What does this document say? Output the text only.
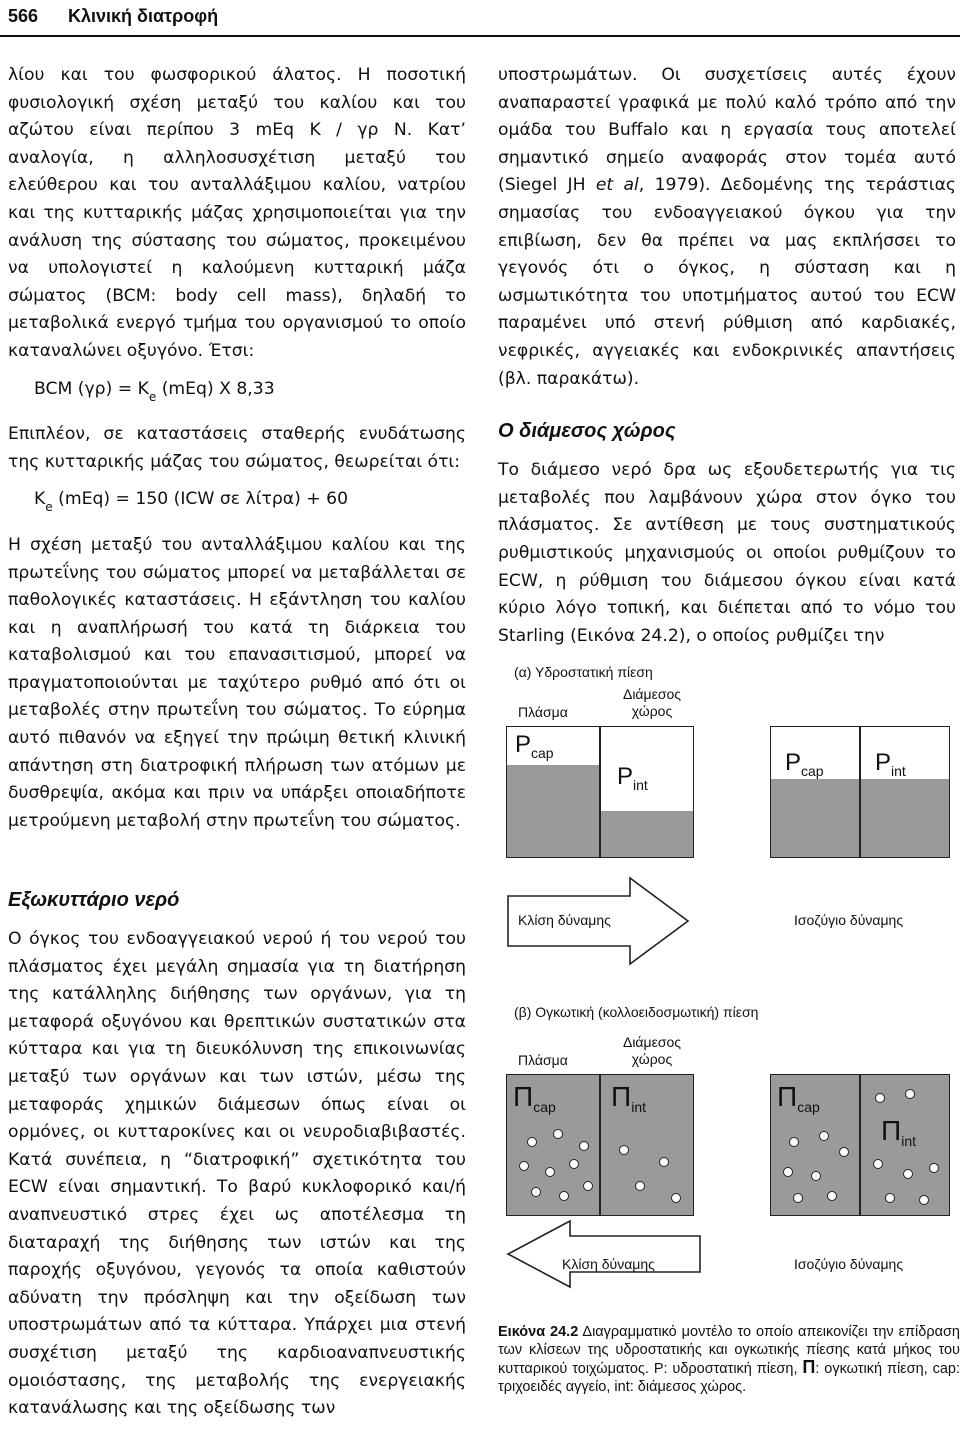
566 Κλινική διατροφή

λίου και του φωσφορικού άλατος. Η ποσοτική φυσιολογική σχέση μεταξύ του καλίου και του αζώτου είναι περίπου 3 mEq K / γρ N. Κατ’ αναλογία, η αλληλοσυσχέτιση μεταξύ του ελεύθερου και του ανταλλάξιμου καλίου, νατρίου και της κυτταρικής μάζας χρησιμοποιείται για την ανάλυση της σύστασης του σώματος, προκειμένου να υπολογιστεί η καλούμενη κυτταρική μάζα σώματος (BCM: body cell mass), δηλαδή το μεταβολικά ενεργό τμήμα του οργανισμού το οποίο καταναλώνει οξυγόνο. Έτσι:

BCM $(\gamma\rho) = K_e$ (mEq) X 8,33

Επιπλέον, σε καταστάσεις σταθερής ενυδάτωσης της κυτταρικής μάζας του σώματος, θεωρείται ότι:

$K_e$ (mEq) = 150 (ICW σε λίτρα) + 60

Η σχέση μεταξύ του ανταλλάξιμου καλίου και της πρωτεΐνης του σώματος μπορεί να μεταβάλλεται σε παθολογικές καταστάσεις. Η εξάντληση του καλίου και η αναπλήρωσή του κατά τη διάρκεια του καταβολισμού και του επανασιτισμού, μπορεί να πραγματοποιούνται με ταχύτερο ρυθμό από ότι οι μεταβολές στην πρωτεΐνη του σώματος. Το εύρημα αυτό πιθανόν να εξηγεί την πρώιμη θετική κλινική απάντηση στη διατροφική πλήρωση των ατόμων με δυσθρεψία, ακόμα και πριν να υπάρξει οποιαδήποτε μετρούμενη μεταβολή στην πρωτεΐνη του σώματος.

Εξωκυττάριο νερό

Ο όγκος του ενδοαγγειακού νερού ή του νερού του πλάσματος έχει μεγάλη σημασία για τη διατήρηση της κατάλληλης διήθησης των οργάνων, για τη μεταφορά οξυγόνου και θρεπτικών συστατικών στα κύτταρα και για τη διευκόλυνση της επικοινωνίας μεταξύ των οργάνων και των ιστών, μέσω της μεταφοράς χημικών διάμεσων όπως είναι οι ορμόνες, οι κυτταροκίνες και οι νευροδιαβιβαστές. Κατά συνέπεια, η “διατροφική” σχετικότητα του ECW είναι σημαντική. Το βαρύ κυκλοφορικό και/ή αναπνευστικό στρες έχει ως αποτέλεσμα τη διαταραχή της διήθησης των ιστών και της παροχής οξυγόνου, γεγονός τα οποία καθιστούν αδύνατη την πρόσληψη και την οξείδωση των υποστρωμάτων από τα κύτταρα. Υπάρχει μια στενή συσχέτιση μεταξύ της καρδιοαναπνευστικής ομοιόστασης, της μεταβολής της ενεργειακής κατανάλωσης και της οξείδωσης των

υποστρωμάτων. Οι συσχετίσεις αυτές έχουν αναπαραστεί γραφικά με πολύ καλό τρόπο από την ομάδα του Buffalo και η εργασία τους αποτελεί σημαντικό σημείο αναφοράς στον τομέα αυτό (Siegel JH et al, 1979). Δεδομένης της τεράστιας σημασίας του ενδοαγγειακού όγκου για την επιβίωση, δεν θα πρέπει να μας εκπλήσσει το γεγονός ότι ο όγκος, η σύσταση και η ωσμωτικότητα του υποτμήματος αυτού του ECW παραμένει υπό στενή ρύθμιση από καρδιακές, νεφρικές, αγγειακές και ενδοκρινικές απαντήσεις (βλ. παρακάτω).

Ο διάμεσος χώρος

Το διάμεσο νερό δρα ως εξουδετερωτής για τις μεταβολές που λαμβάνουν χώρα στον όγκο του πλάσματος. Σε αντίθεση με τους συστηματικούς ρυθμιστικούς μηχανισμούς οι οποίοι ρυθμίζουν το ECW, η ρύθμιση του διάμεσου όγκου είναι κατά κύριο λόγο τοπική, και διέπεται από το νόμο του Starling (Εικόνα 24.2), ο οποίος ρυθμίζει την

(α) Υδροστατική πίεση
Πλάσμα
Διάμεσος
χώρος
$P_{cap}$
$P_{int}$
$P_{cap}$ $P_{int}$
Κλίση δύναμης	Ισοζύγιο δύναμης
(β) Ογκωτική (κολλοειδοσμωτική) πίεση
Πλάσμα
Διάμεσος
χώρος
$\Pi_{cap}$ $\Pi_{int}$	$\Pi_{cap}$
$\Pi_{int}$
Κλίση δύναμης	Ισοζύγιο δύναμης
Εικόνα 24.2 Διαγραμματικό μοντέλο το οποίο απεικονίζει την επίδραση των κλίσεων της υδροστατικής και ογκωτικής πίεσης κατά μήκος του κυτταρικού τοιχώματος. P: υδροστατική πίεση, Π: ογκωτική πίεση, cap: τριχοειδές αγγείο, int: διάμεσος χώρος.
